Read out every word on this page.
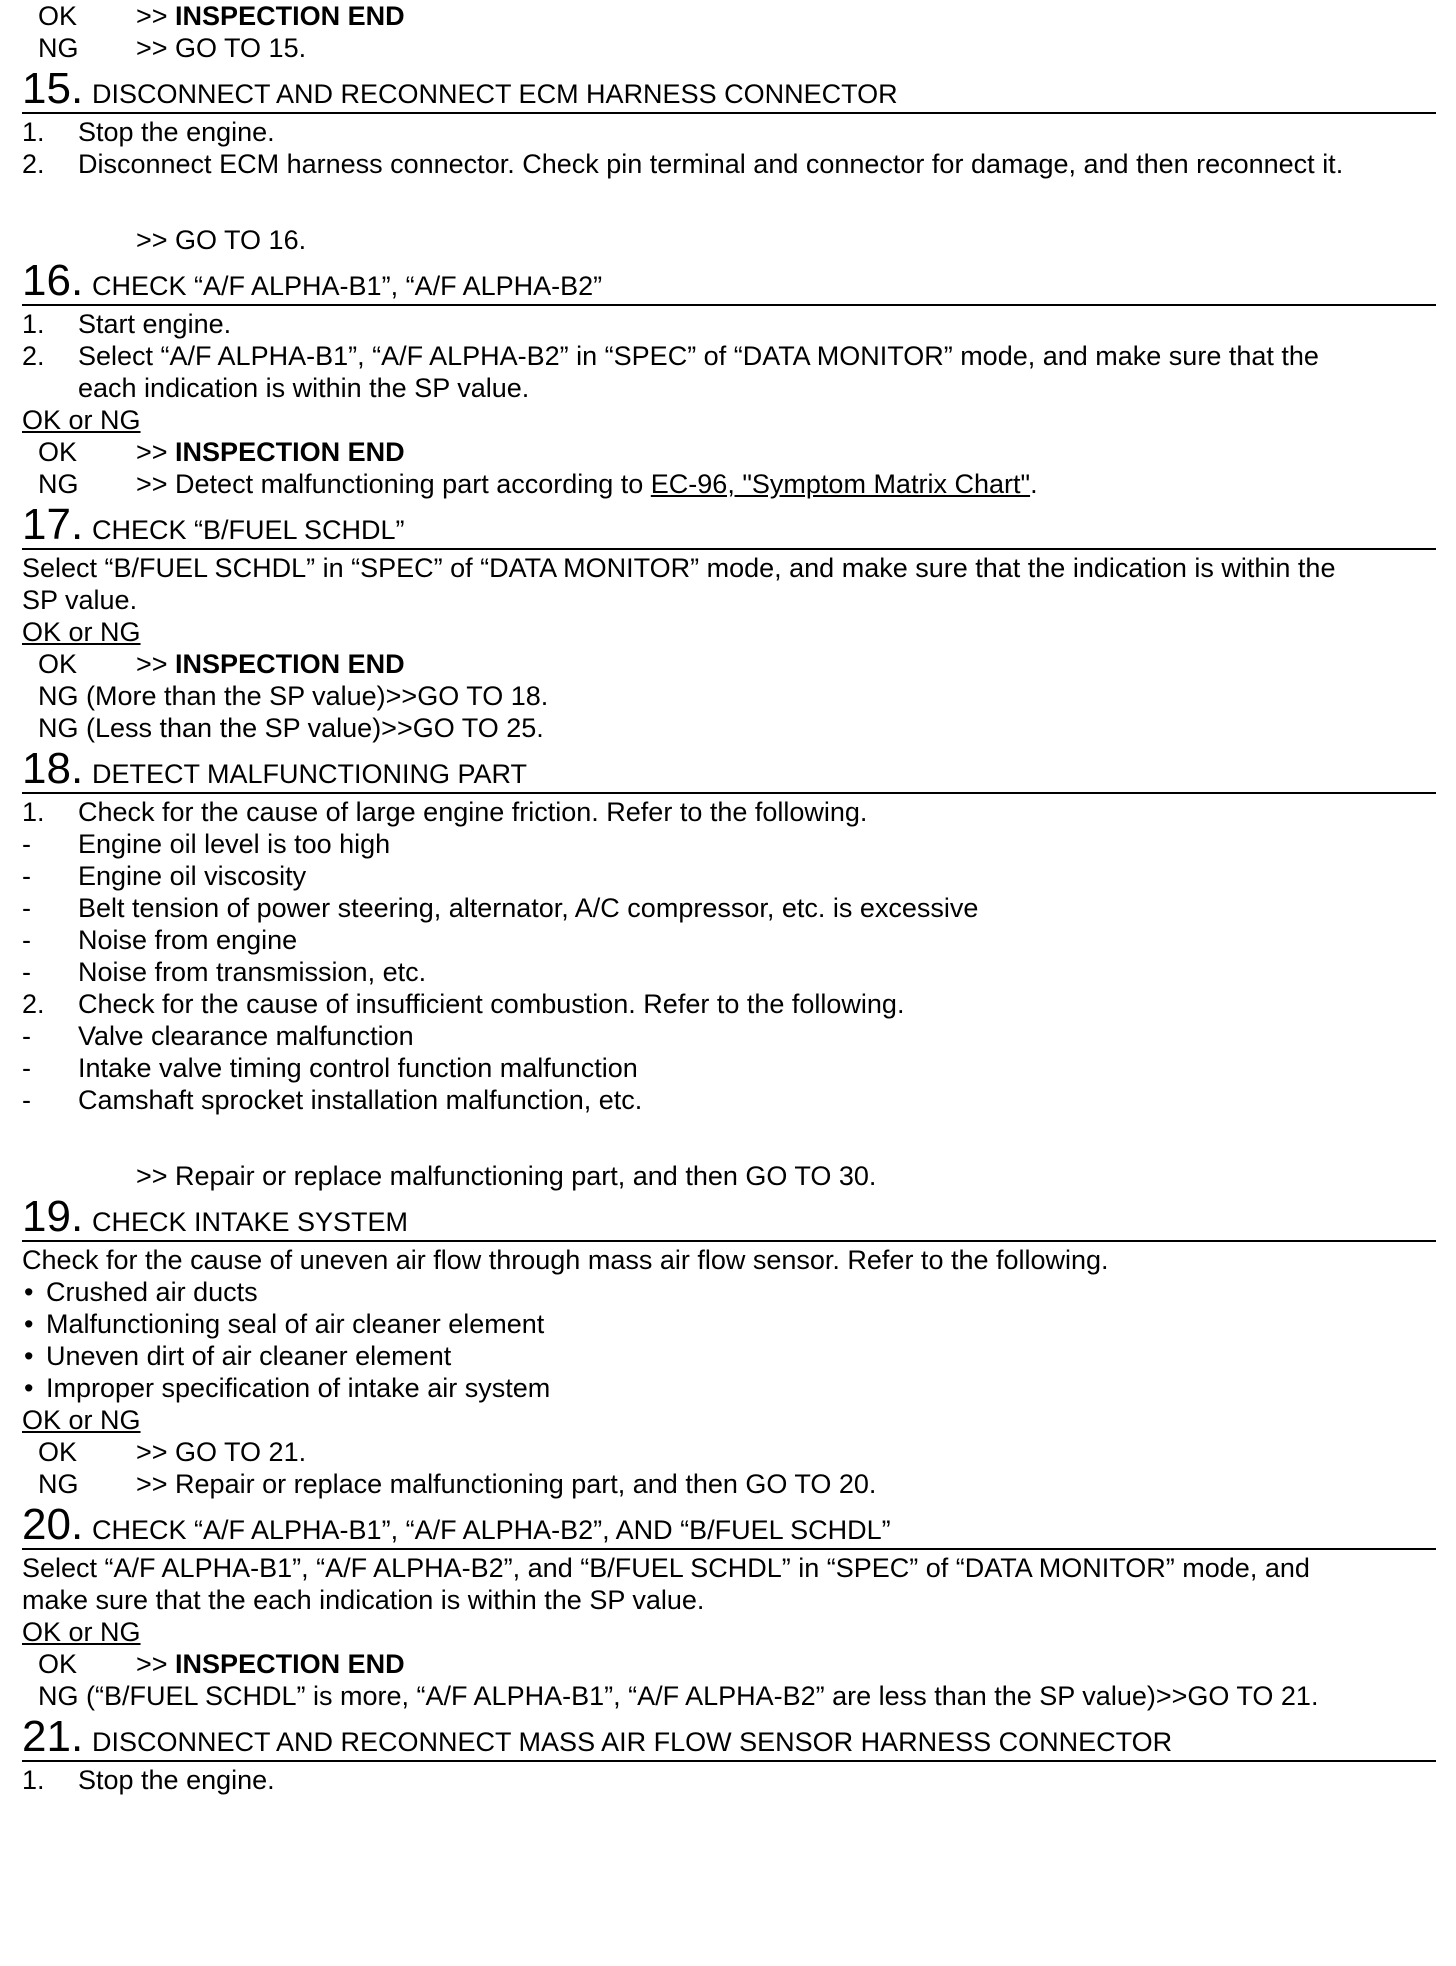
OK >> INSPECTION END
NG >> GO TO 15.
15. DISCONNECT AND RECONNECT ECM HARNESS CONNECTOR
1.	Stop the engine.
2.	Disconnect ECM harness connector. Check pin terminal and connector for damage, and then reconnect it.
>> GO TO 16.
16. CHECK “A/F ALPHA-B1”, “A/F ALPHA-B2”
1.	Start engine.
2.	Select “A/F ALPHA-B1”, “A/F ALPHA-B2” in “SPEC” of “DATA MONITOR” mode, and make sure that the
each indication is within the SP value.
OK or NG
OK >> INSPECTION END
NG >> Detect malfunctioning part according to EC-96, "Symptom Matrix Chart".
17. CHECK “B/FUEL SCHDL”
Select “B/FUEL SCHDL” in “SPEC” of “DATA MONITOR” mode, and make sure that the indication is within the
SP value.
OK or NG
OK >> INSPECTION END
NG (More than the SP value)>>GO TO 18.
NG (Less than the SP value)>>GO TO 25.
18. DETECT MALFUNCTIONING PART
1.	Check for the cause of large engine friction. Refer to the following.
-	Engine oil level is too high
-	Engine oil viscosity
-	Belt tension of power steering, alternator, A/C compressor, etc. is excessive
-	Noise from engine
-	Noise from transmission, etc.
2.	Check for the cause of insufficient combustion. Refer to the following.
-	Valve clearance malfunction
-	Intake valve timing control function malfunction
-	Camshaft sprocket installation malfunction, etc.
>> Repair or replace malfunctioning part, and then GO TO 30.
19. CHECK INTAKE SYSTEM
Check for the cause of uneven air flow through mass air flow sensor. Refer to the following.
• Crushed air ducts
• Malfunctioning seal of air cleaner element
• Uneven dirt of air cleaner element
• Improper specification of intake air system
OK or NG
OK >> GO TO 21.
NG >> Repair or replace malfunctioning part, and then GO TO 20.
20. CHECK “A/F ALPHA-B1”, “A/F ALPHA-B2”, AND “B/FUEL SCHDL”
Select “A/F ALPHA-B1”, “A/F ALPHA-B2”, and “B/FUEL SCHDL” in “SPEC” of “DATA MONITOR” mode, and
make sure that the each indication is within the SP value.
OK or NG
OK >> INSPECTION END
NG (“B/FUEL SCHDL” is more, “A/F ALPHA-B1”, “A/F ALPHA-B2” are less than the SP value)>>GO TO 21.
21. DISCONNECT AND RECONNECT MASS AIR FLOW SENSOR HARNESS CONNECTOR
1.	Stop the engine.
